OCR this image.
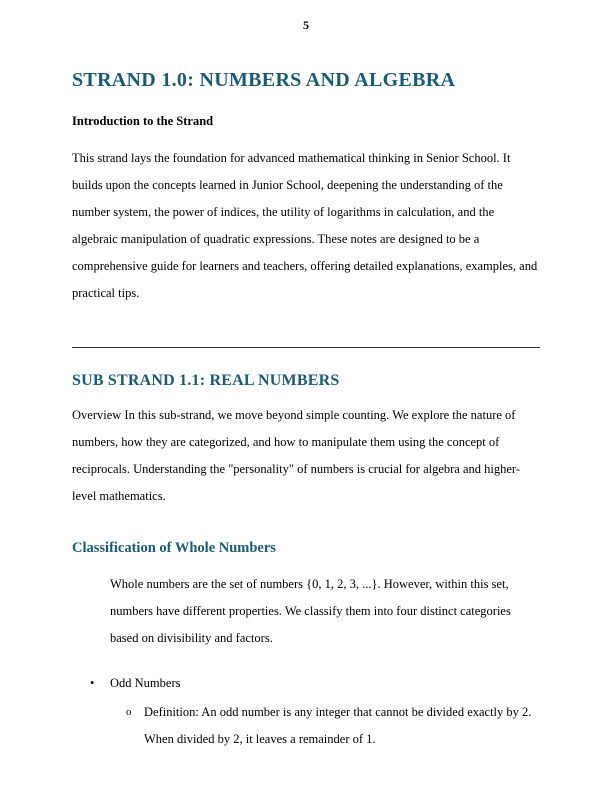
5
STRAND 1.0: NUMBERS AND ALGEBRA

Introduction to the Strand

This strand lays the foundation for advanced mathematical thinking in Senior School. It builds upon the concepts learned in Junior School, deepening the understanding of the number system, the power of indices, the utility of logarithms in calculation, and the algebraic manipulation of quadratic expressions. These notes are designed to be a comprehensive guide for learners and teachers, offering detailed explanations, examples, and practical tips.

SUB STRAND 1.1: REAL NUMBERS

Overview In this sub-strand, we move beyond simple counting. We explore the nature of numbers, how they are categorized, and how to manipulate them using the concept of reciprocals. Understanding the "personality" of numbers is crucial for algebra and higher-level mathematics.

Classification of Whole Numbers

Whole numbers are the set of numbers {0, 1, 2, 3, ...}. However, within this set, numbers have different properties. We classify them into four distinct categories based on divisibility and factors.

•	Odd Numbers
o	Definition: An odd number is any integer that cannot be divided exactly by 2. When divided by 2, it leaves a remainder of 1.
